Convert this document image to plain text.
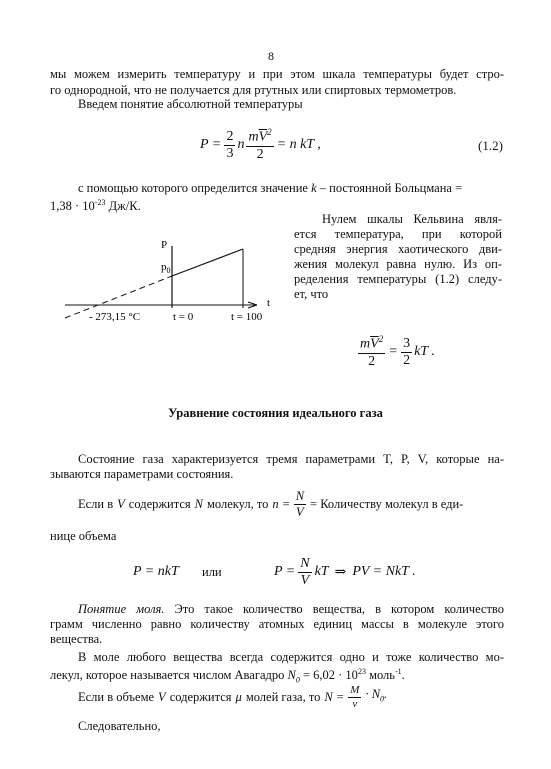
8
мы можем измерить температуру и при этом шкала температуры будет стро-
го однородной, что не получается для ртутных или спиртовых термометров.
Введем понятие абсолютной температуры
$P = \frac{2}{3}$ n $\frac{m\overline{V}^2}{2} = n$ kT ,	(1.2)
с помощью которого определится значение k – постоянной Больцмана =
$1,38 \cdot 10^{-23}$ Дж/К.
Нулем шкалы Кельвина явля-
ется температура, при которой
средняя энергия хаотического дви-
жения молекул равна нулю. Из оп-
ределения температуры (1.2) следу-
ет, что
P
$p_0$
t
- 273,15 °C	t = 0	t = 100
$\frac{m\overline{V}^2}{2} = \frac{3}{2}$ kT .
Уравнение состояния идеального газа
Состояние газа характеризуется тремя параметрами T, P, V, которые на-
зываются параметрами состояния.
Если в V содержится N молекул, то $n = \frac{N}{V}$ = Количеству молекул в еди-
нице объема
P = nkT или	$P = \frac{N}{V}$ kT ⇒ PV = NkT .
Понятие моля. Это такое количество вещества, в котором количество
грамм численно равно количеству атомных единиц массы в молекуле этого
вещества.
В моле любого вещества всегда содержится одно и тоже количество мо-
лекул, которое называется числом Авагадро $N_0 = 6,02 \cdot 10^{23}$ моль$^{-1}$.
Если в объеме V содержится μ молей газа, то $N = \frac{M}{\nu} \cdot N_0$.
Следовательно,
